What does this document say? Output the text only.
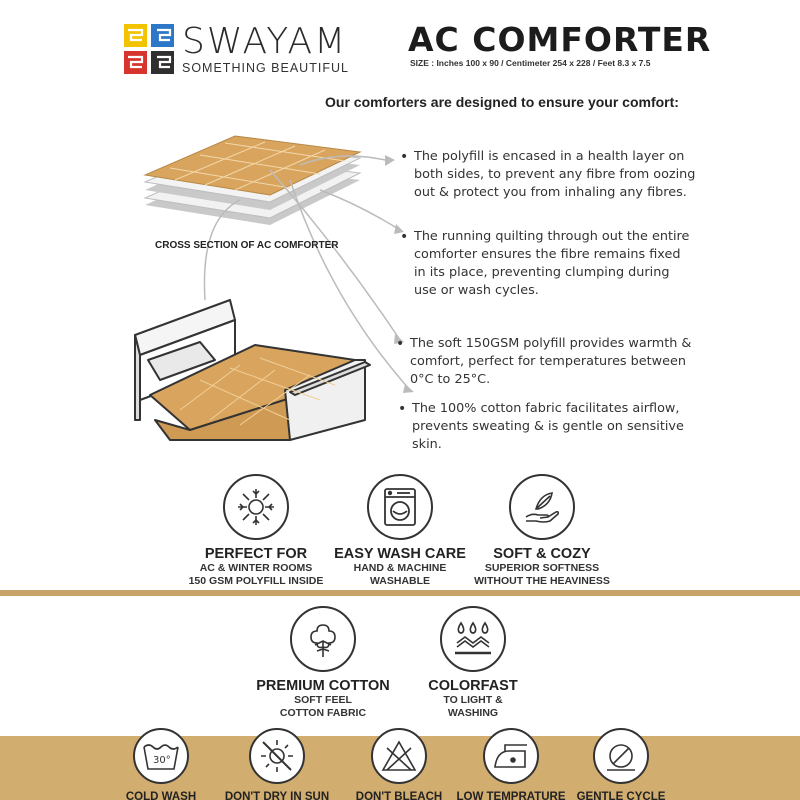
SWAYAM
SOMETHING BEAUTIFUL
AC COMFORTER
SIZE : Inches 100 x 90 / Centimeter 254 x 228 / Feet 8.3 x 7.5
Our comforters are designed to ensure your comfort:
CROSS SECTION OF AC COMFORTER
• The polyfill is encased in a health layer on both sides, to prevent any fibre from oozing out & protect you from inhaling any fibres.
• The running quilting through out the entire comforter ensures the fibre remains fixed in its place, preventing clumping during use or wash cycles.
• The soft 150GSM polyfill provides warmth & comfort, perfect for temperatures between 0°C to 25°C.
• The 100% cotton fabric facilitates airflow, prevents sweating & is gentle on sensitive skin.
PERFECT FOR
AC & WINTER ROOMS
150 GSM POLYFILL INSIDE
EASY WASH CARE
HAND & MACHINE
WASHABLE
SOFT & COZY
SUPERIOR SOFTNESS
WITHOUT THE HEAVINESS
PREMIUM COTTON
SOFT FEEL
COTTON FABRIC
COLORFAST
TO LIGHT &
WASHING
30°
COLD WASH	DON'T DRY IN SUN	DON'T BLEACH	LOW TEMPRATURE GENTLE CYCLE
